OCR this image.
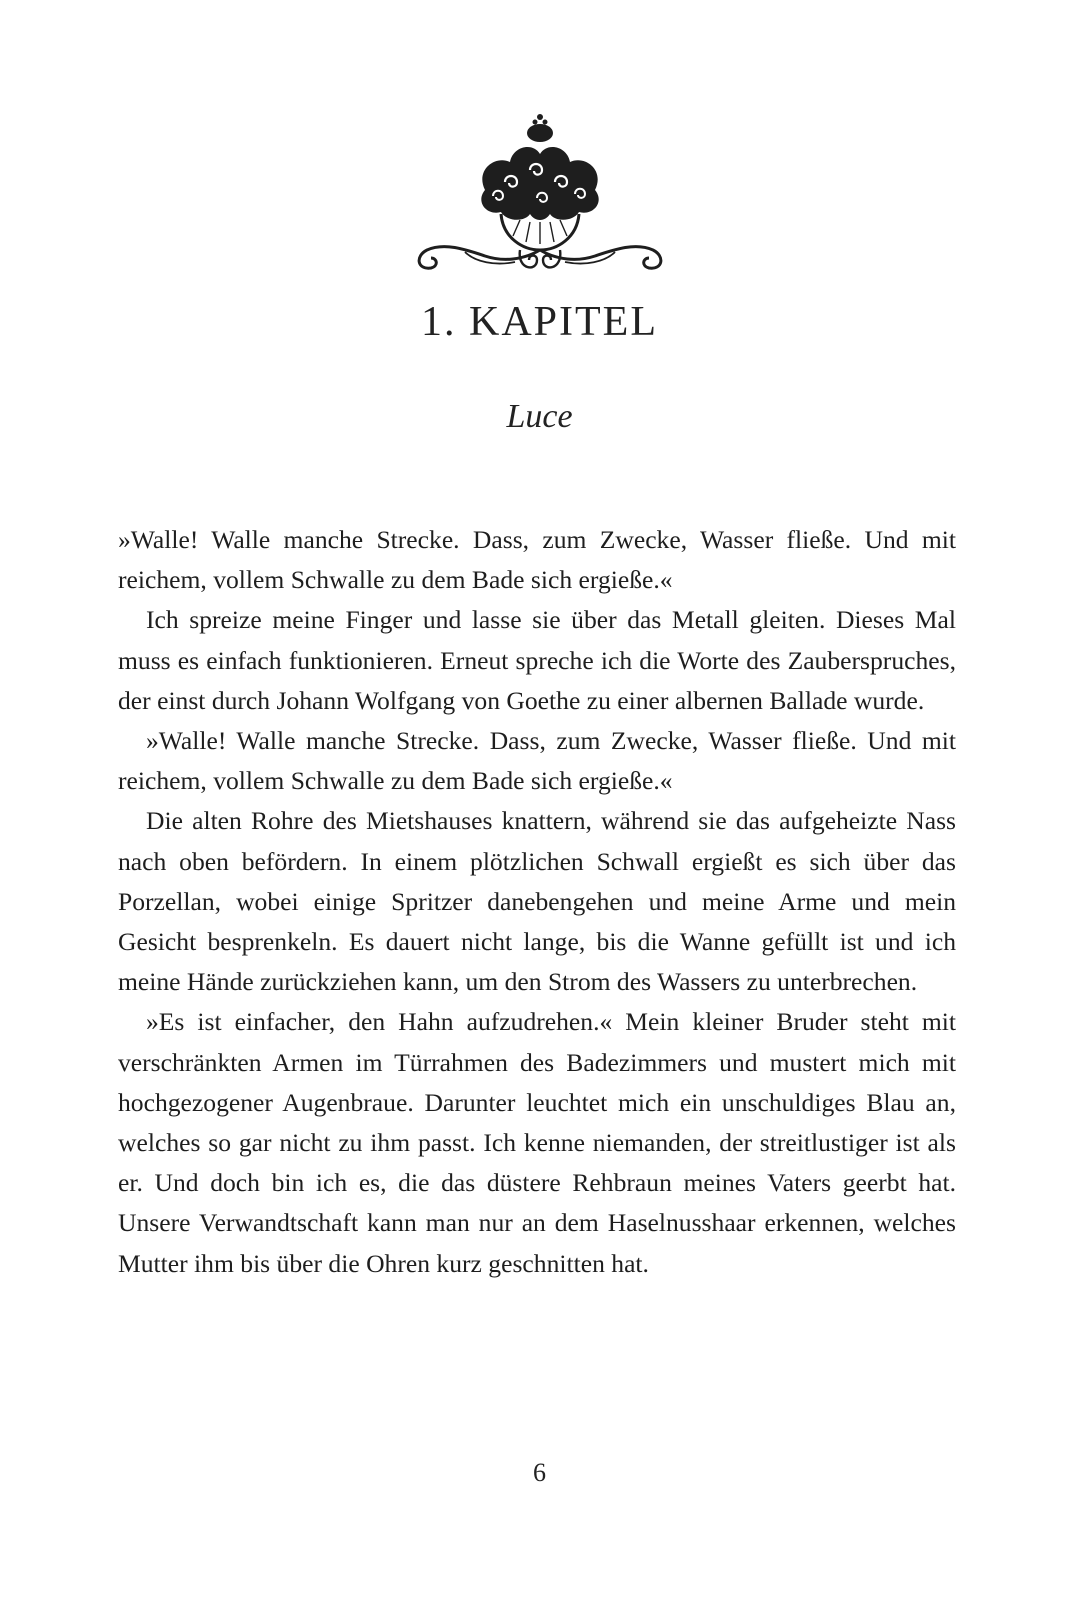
1. KAPITEL
Luce

»Walle! Walle manche Strecke. Dass, zum Zwecke, Wasser fließe. Und mit reichem, vollem Schwalle zu dem Bade sich ergieße.«

Ich spreize meine Finger und lasse sie über das Metall gleiten. Dieses Mal muss es einfach funktionieren. Erneut spreche ich die Worte des Zauberspruches, der einst durch Johann Wolfgang von Goethe zu einer albernen Ballade wurde.

»Walle! Walle manche Strecke. Dass, zum Zwecke, Wasser fließe. Und mit reichem, vollem Schwalle zu dem Bade sich ergieße.«

Die alten Rohre des Mietshauses knattern, während sie das aufgeheizte Nass nach oben befördern. In einem plötzlichen Schwall ergießt es sich über das Porzellan, wobei einige Spritzer danebengehen und meine Arme und mein Gesicht besprenkeln. Es dauert nicht lange, bis die Wanne gefüllt ist und ich meine Hände zurückziehen kann, um den Strom des Wassers zu unterbrechen.

»Es ist einfacher, den Hahn aufzudrehen.« Mein kleiner Bruder steht mit verschränkten Armen im Türrahmen des Badezimmers und mustert mich mit hochgezogener Augenbraue. Darunter leuchtet mich ein unschuldiges Blau an, welches so gar nicht zu ihm passt. Ich kenne niemanden, der streitlustiger ist als er. Und doch bin ich es, die das düstere Rehbraun meines Vaters geerbt hat. Unsere Verwandtschaft kann man nur an dem Haselnusshaar erkennen, welches Mutter ihm bis über die Ohren kurz geschnitten hat.

6
